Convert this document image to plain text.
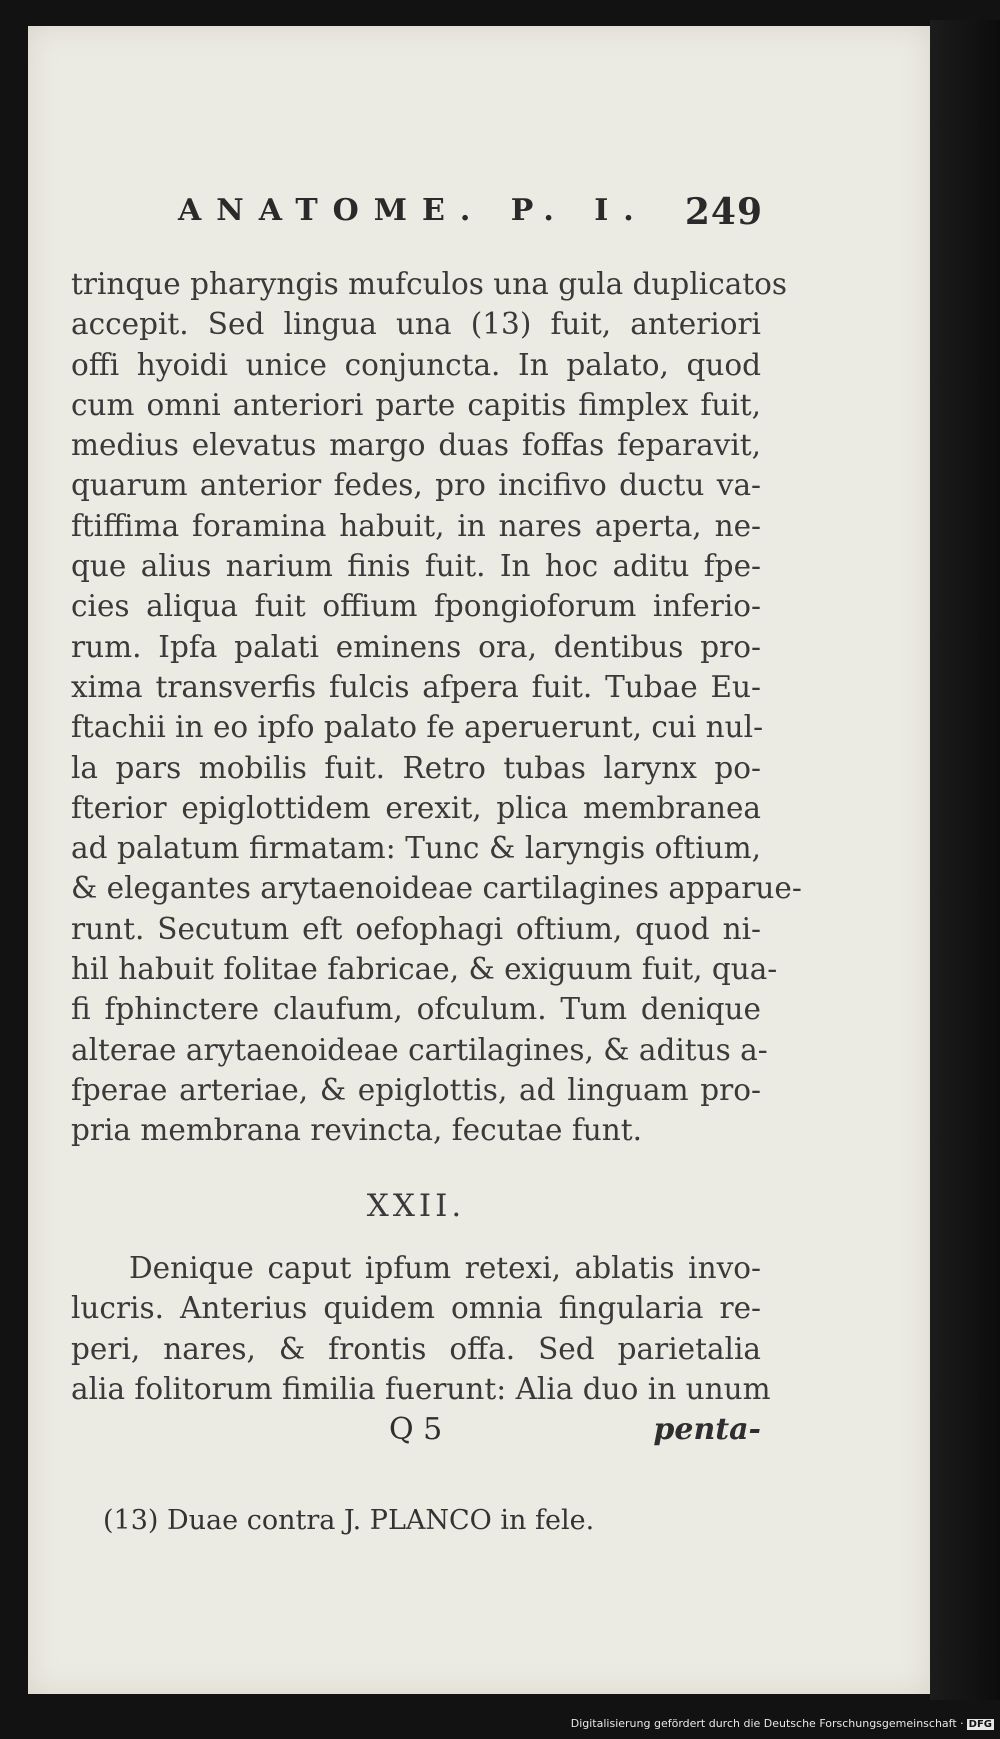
ANATOME. P. I. 249
trinque pharyngis mufculos una gula duplicatos
accepit. Sed lingua una (13) fuit, anteriori
offi hyoidi unice conjuncta. In palato, quod
cum omni anteriori parte capitis fimplex fuit,
medius elevatus margo duas foffas feparavit,
quarum anterior fedes, pro incifivo ductu va-
ftiffima foramina habuit, in nares aperta, ne-
que alius narium finis fuit. In hoc aditu fpe-
cies aliqua fuit offium fpongioforum inferio-
rum. Ipfa palati eminens ora, dentibus pro-
xima transverfis fulcis afpera fuit. Tubae Eu-
ftachii in eo ipfo palato fe aperuerunt, cui nul-
la pars mobilis fuit. Retro tubas larynx po-
fterior epiglottidem erexit, plica membranea
ad palatum firmatam: Tunc & laryngis oftium,
& elegantes arytaenoideae cartilagines apparue-
runt. Secutum eft oefophagi oftium, quod ni-
hil habuit folitae fabricae, & exiguum fuit, qua-
fi fphinctere claufum, ofculum. Tum denique
alterae arytaenoideae cartilagines, & aditus a-
fperae arteriae, & epiglottis, ad linguam pro-
pria membrana revincta, fecutae funt.
XXII.
Denique caput ipfum retexi, ablatis invo-
lucris. Anterius quidem omnia fingularia re-
peri, nares, & frontis offa. Sed parietalia
alia folitorum fimilia fuerunt: Alia duo in unum
Q 5	penta-
(13) Duae contra J. PLANCO in fele.
Digitalisierung gefördert durch die Deutsche Forschungsgemeinschaft · DFG
